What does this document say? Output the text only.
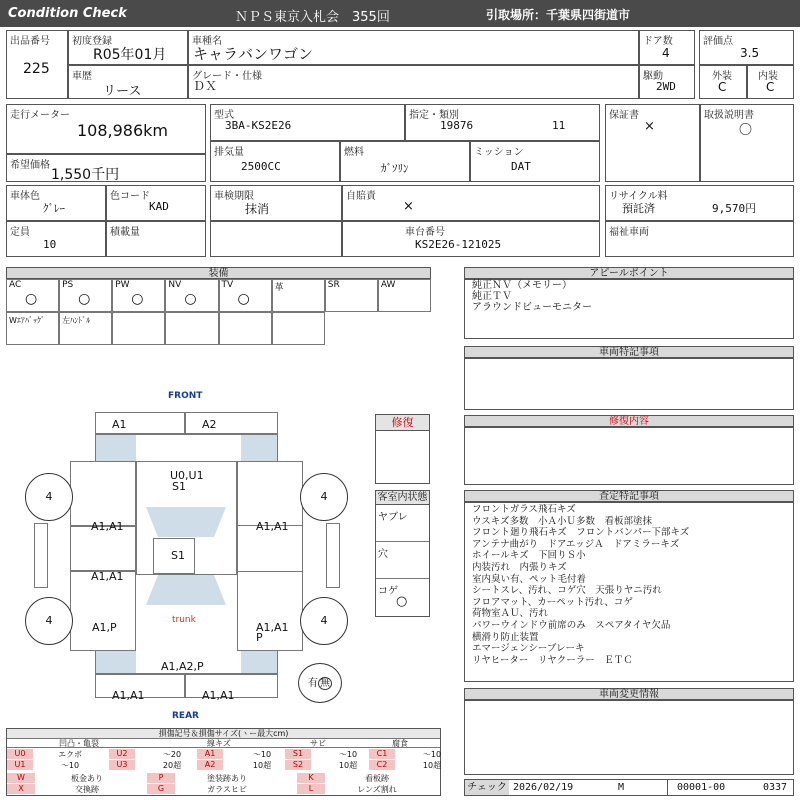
Condition Check	ＮＰＳ東京入札会　355回	引取場所：千葉県四街道市
出品番号
225
初度登録
R05年01月
車種名
キャラバンワゴン
ドア数
4
評価点
3.5
車歴
リース
グレード・仕様
ＤＸ
駆動
2WD
外装
C
内装
C
走行メーター
108,986km
希望価格
1,550千円
型式
3BA-KS2E26
指定・類別
19876	11
排気量
2500CC
燃料
ｶﾞｿﾘﾝ
ミッション
DAT
保証書
×
取扱説明書
〇
車体色
ｸﾞﾚｰ
色コード
KAD
車検期限
抹消
自賠責
×
リサイクル料
預託済	9,570円
定員
10
積載量	車台番号
KS2E26-121025
福祉車両
装備
AC
○
PS
○
PW
○
NV
○
TV
○
革	SR	AW
Wｴｱﾊﾞｯｸﾞ 左ﾊﾝﾄﾞﾙ
アピールポイント
純正ＮＶ（メモリー）
純正ＴＶ
アラウンドビューモニター
車両特記事項
修復内容
査定特記事項
フロントガラス飛石キズ
ウスキズ多数　小Ａ小Ｕ多数　看板部塗抹
フロント廻り飛石キズ　フロントバンパー下部キズ
アンテナ曲がり　ドアエッジＡ　ドアミラーキズ
ホイールキズ　下回りＳ小
内装汚れ　内張りキズ
室内臭い有、ペット毛付着
シートスレ、汚れ、コゲ穴　天張りヤニ汚れ
フロアマット、カーペット汚れ、コゲ
荷物室ＡＵ、汚れ
パワーウインドウ前席のみ　スペアタイヤ欠品
横滑り防止装置
エマージェンシーブレーキ
リヤヒーター　リヤクーラー　ＥＴＣ
車両変更情報
チェック 2026/02/19	M	00001-00	0337
修復
客室内状態
ヤブレ
穴
コゲ
○
FRONT
A1	A2
U0,U1
S1
S1
trunk
A1,A1	A1,A1
A1,A1
A1,P	A1,A1
P
A1,A2,P
A1,A1	A1,A1
4	4
4	4
有 無
REAR
損傷記号＆損傷サイズ(ヽー最大cm)
凹凸・亀裂	線キズ	サビ	腐食
U0	エクボ	U2	～20	A1	～10	S1	～10	C1	～10
U1	～10	U3	20超	A2	10超	S2	10超	C2	10超
W	板金あり	P	塗装跡あり	K	看板跡
X	交換跡	G	ガラスヒビ	L	レンズ割れ
